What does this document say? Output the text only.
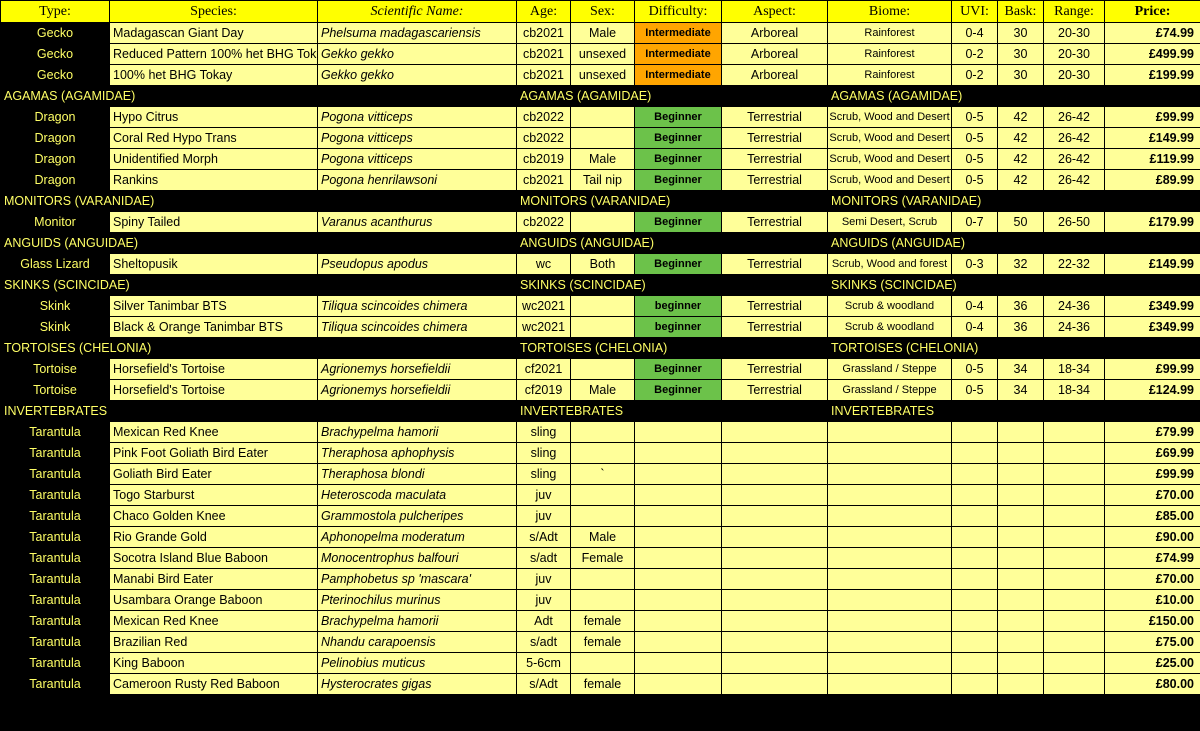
Type:	Species:	Scientific Name:	Age:	Sex:	Difficulty:	Aspect:	Biome:	UVI:	Bask:	Range:	Price:
Gecko	Madagascan Giant Day	Phelsuma madagascariensis	cb2021	Male	Intermediate	Arboreal	Rainforest	0-4	30	20-30	£74.99
Gecko	Reduced Pattern 100% het BHG Tok	Gekko gekko	cb2021	unsexed	Intermediate	Arboreal	Rainforest	0-2	30	20-30	£499.99
Gecko	100% het BHG Tokay	Gekko gekko	cb2021	unsexed	Intermediate	Arboreal	Rainforest	0-2	30	20-30	£199.99
AGAMAS (AGAMIDAE)			AGAMAS (AGAMIDAE)				AGAMAS (AGAMIDAE)				
Dragon	Hypo Citrus	Pogona vitticeps	cb2022		Beginner	Terrestrial	Scrub, Wood and Desert	0-5	42	26-42	£99.99
Dragon	Coral Red Hypo Trans	Pogona vitticeps	cb2022		Beginner	Terrestrial	Scrub, Wood and Desert	0-5	42	26-42	£149.99
Dragon	Unidentified Morph	Pogona vitticeps	cb2019	Male	Beginner	Terrestrial	Scrub, Wood and Desert	0-5	42	26-42	£119.99
Dragon	Rankins	Pogona henrilawsoni	cb2021	Tail nip	Beginner	Terrestrial	Scrub, Wood and Desert	0-5	42	26-42	£89.99
MONITORS (VARANIDAE)			MONITORS (VARANIDAE)				MONITORS (VARANIDAE)				
Monitor	Spiny Tailed	Varanus acanthurus	cb2022		Beginner	Terrestrial	Semi Desert, Scrub	0-7	50	26-50	£179.99
ANGUIDS (ANGUIDAE)			ANGUIDS (ANGUIDAE)				ANGUIDS (ANGUIDAE)				
Glass Lizard	Sheltopusik	Pseudopus apodus	wc	Both	Beginner	Terrestrial	Scrub, Wood and forest	0-3	32	22-32	£149.99
SKINKS (SCINCIDAE)			SKINKS (SCINCIDAE)				SKINKS (SCINCIDAE)				
Skink	Silver Tanimbar BTS	Tiliqua scincoides chimera	wc2021		beginner	Terrestrial	Scrub & woodland	0-4	36	24-36	£349.99
Skink	Black & Orange Tanimbar BTS	Tiliqua scincoides chimera	wc2021		beginner	Terrestrial	Scrub & woodland	0-4	36	24-36	£349.99
TORTOISES (CHELONIA)			TORTOISES (CHELONIA)				TORTOISES (CHELONIA)				
Tortoise	Horsefield's Tortoise	Agrionemys horsefieldii	cf2021		Beginner	Terrestrial	Grassland / Steppe	0-5	34	18-34	£99.99
Tortoise	Horsefield's Tortoise	Agrionemys horsefieldii	cf2019	Male	Beginner	Terrestrial	Grassland / Steppe	0-5	34	18-34	£124.99
INVERTEBRATES			INVERTEBRATES				INVERTEBRATES				
Tarantula	Mexican Red Knee	Brachypelma hamorii	sling								£79.99
Tarantula	Pink Foot Goliath Bird Eater	Theraphosa aphophysis	sling								£69.99
Tarantula	Goliath Bird Eater	Theraphosa blondi	sling	`							£99.99
Tarantula	Togo Starburst	Heteroscoda maculata	juv								£70.00
Tarantula	Chaco Golden Knee	Grammostola pulcheripes	juv								£85.00
Tarantula	Rio Grande Gold	Aphonopelma moderatum	s/Adt	Male							£90.00
Tarantula	Socotra Island Blue Baboon	Monocentrophus balfouri	s/adt	Female							£74.99
Tarantula	Manabi Bird Eater	Pamphobetus sp 'mascara'	juv								£70.00
Tarantula	Usambara Orange Baboon	Pterinochilus murinus	juv								£10.00
Tarantula	Mexican Red Knee	Brachypelma hamorii	Adt	female							£150.00
Tarantula	Brazilian Red	Nhandu carapoensis	s/adt	female							£75.00
Tarantula	King Baboon	Pelinobius muticus	5-6cm								£25.00
Tarantula	Cameroon Rusty Red Baboon	Hysterocrates gigas	s/Adt	female							£80.00
